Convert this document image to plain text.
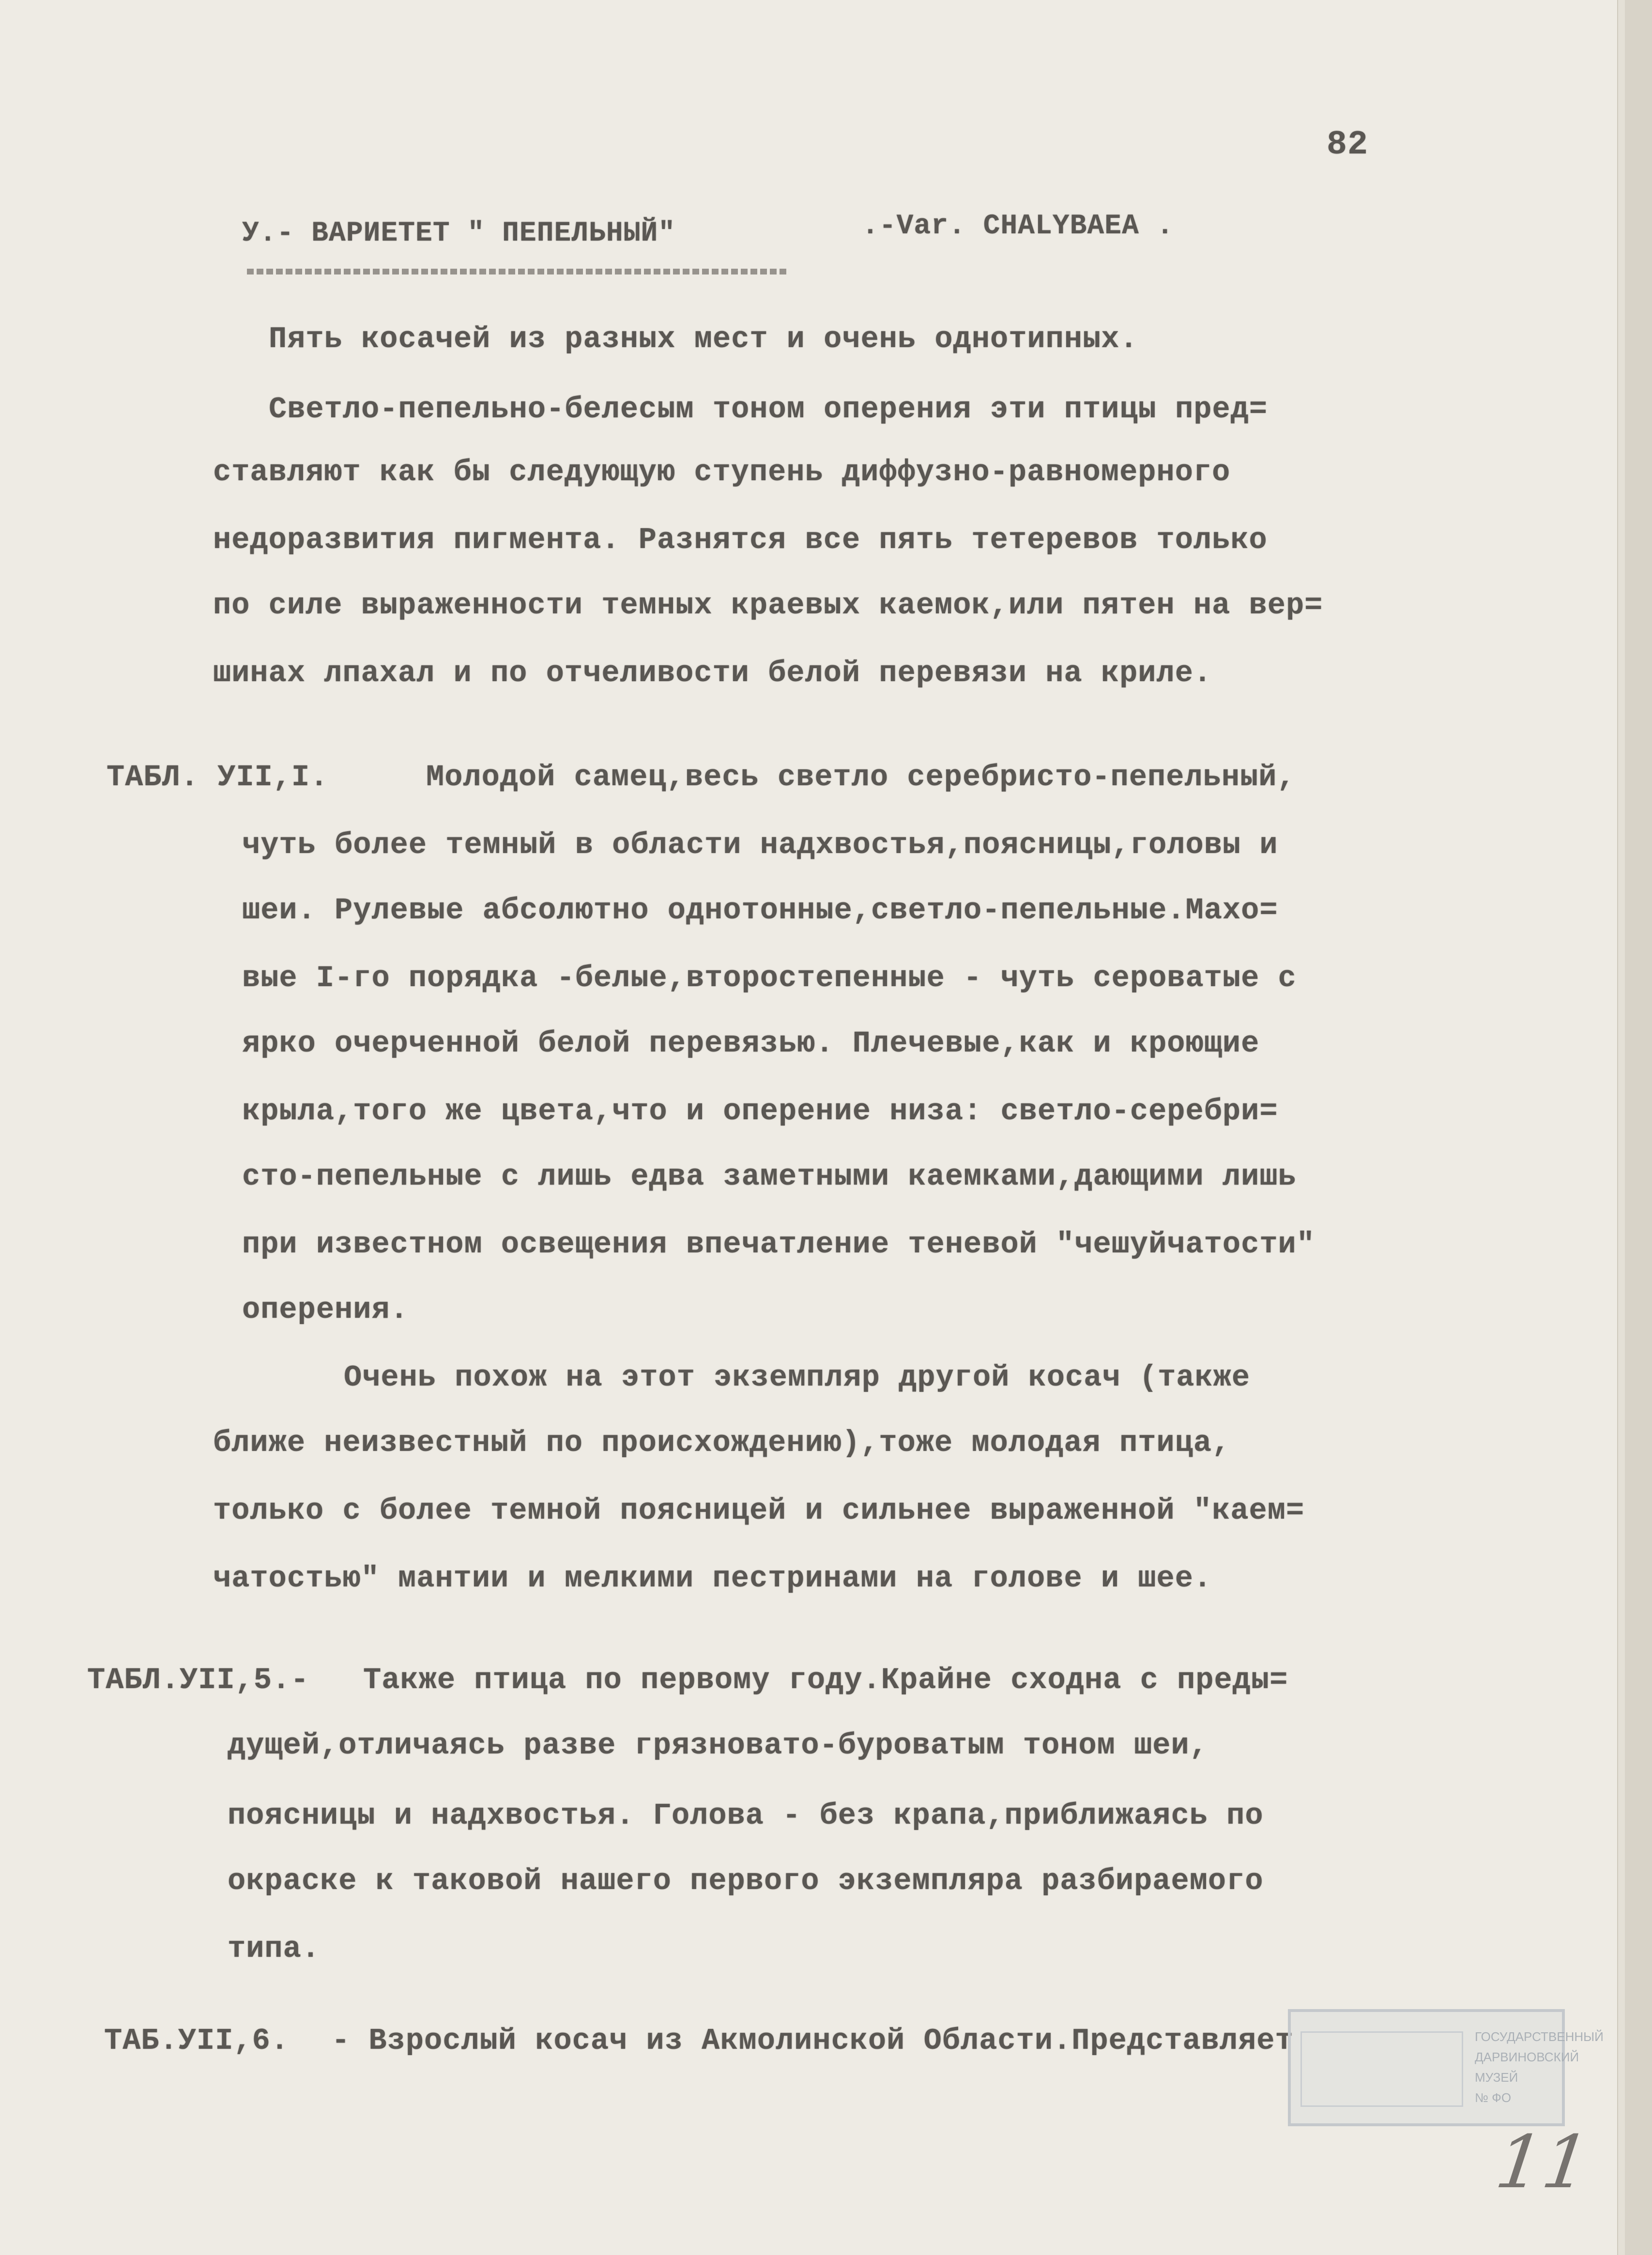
82

У.- ВАРИЕТЕТ " ПЕПЕЛЬНЫЙ"	.-Var. CHALYBAEA .

Пять косачей из разных мест и очень однотипных.

Светло-пепельно-белесым тоном оперения эти птицы пред=

ставляют как бы следующую ступень диффузно-равномерного

недоразвития пигмента. Разнятся все пять тетеревов только

по силе выраженности темных краевых каемок,или пятен на вер=

шинах лпахал и по отчеливости белой перевязи на криле.

ТАБЛ. УII,I.	Молодой самец,весь светло серебристо-пепельный,

чуть более темный в области надхвостья,поясницы,головы и

шеи. Рулевые абсолютно однотонные,светло-пепельные.Махо=

вые I-го порядка -белые,второстепенные - чуть сероватые с

ярко очерченной белой перевязью. Плечевые,как и кроющие

крыла,того же цвета,что и оперение низа: светло-серебри=

сто-пепельные с лишь едва заметными каемками,дающими лишь

при известном освещения впечатление теневой "чешуйчатости"

оперения.

Очень похож на этот экземпляр другой косач (также

ближе неизвестный по происхождению),тоже молодая птица,

только с более темной поясницей и сильнее выраженной "каем=

чатостью" мантии и мелкими пестринами на голове и шее.

ТАБЛ.УII,5.- Также птица по первому году.Крайне сходна с преды=

дущей,отличаясь разве грязновато-буроватым тоном шеи,

поясницы и надхвостья. Голова - без крапа,приближаясь по

окраске к таковой нашего первого экземпляра разбираемого

типа.

ТАБ.УII,6. - Взрослый косач из Акмолинской Области.Представляет	ГОСУДАРСТВЕННЫЙ
ДАРВИНОВСКИЙ
МУЗЕЙ
№ ФО

11
